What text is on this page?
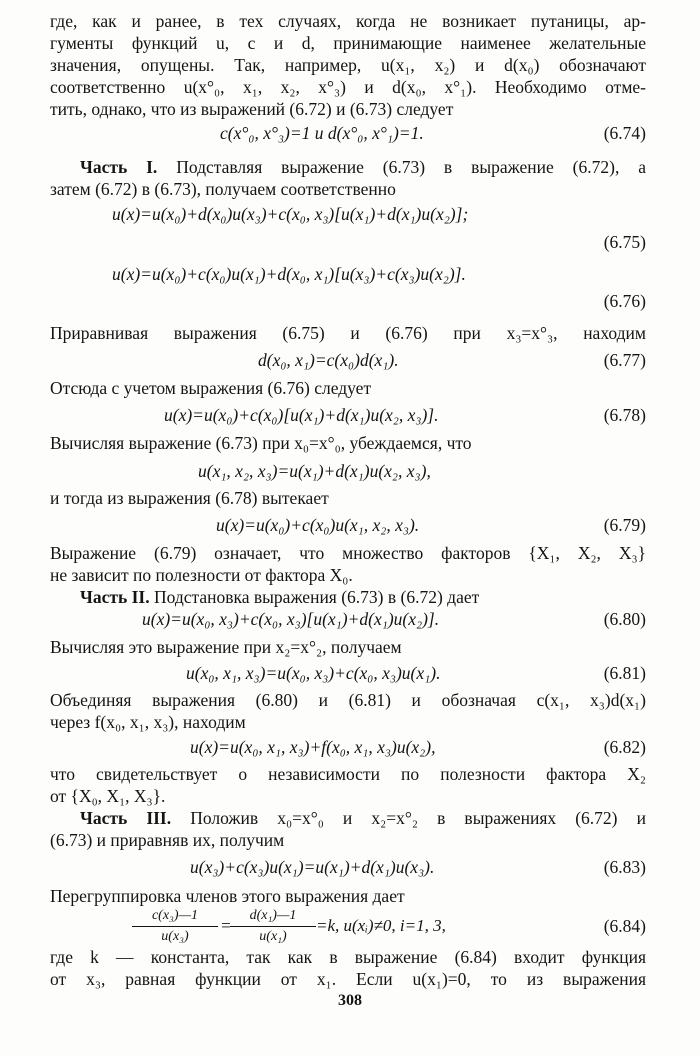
где, как и ранее, в тех случаях, когда не возникает путаницы, ар-
гументы функций u, c и d, принимающие наименее желательные
значения, опущены. Так, например, u(x₁, x₂) и d(x₀) обозначают
соответственно u(x°₀, x₁, x₂, x°₃) и d(x₀, x°₁). Необходимо отме-
тить, однако, что из выражений (6.72) и (6.73) следует
c(x°₀, x°₃)=1 и d(x°₀, x°₁)=1.	(6.74)
Часть I. Подставляя выражение (6.73) в выражение (6.72), а
затем (6.72) в (6.73), получаем соответственно
u(x)=u(x₀)+d(x₀)u(x₃)+c(x₀, x₃)[u(x₁)+d(x₁)u(x₂)];
(6.75)
u(x)=u(x₀)+c(x₀)u(x₁)+d(x₀, x₁)[u(x₃)+c(x₃)u(x₂)].
(6.76)
Приравнивая выражения (6.75) и (6.76) при x₃=x°₃, находим
d(x₀, x₁)=c(x₀)d(x₁).	(6.77)
Отсюда с учетом выражения (6.76) следует
u(x)=u(x₀)+c(x₀)[u(x₁)+d(x₁)u(x₂, x₃)].	(6.78)
Вычисляя выражение (6.73) при x₀=x°₀, убеждаемся, что
u(x₁, x₂, x₃)=u(x₁)+d(x₁)u(x₂, x₃),
и тогда из выражения (6.78) вытекает
u(x)=u(x₀)+c(x₀)u(x₁, x₂, x₃).	(6.79)
Выражение (6.79) означает, что множество факторов {X₁, X₂, X₃}
не зависит по полезности от фактора X₀.
Часть II. Подстановка выражения (6.73) в (6.72) дает
u(x)=u(x₀, x₃)+c(x₀, x₃)[u(x₁)+d(x₁)u(x₂)].	(6.80)
Вычисляя это выражение при x₂=x°₂, получаем
u(x₀, x₁, x₃)=u(x₀, x₃)+c(x₀, x₃)u(x₁).	(6.81)
Объединяя выражения (6.80) и (6.81) и обозначая c(x₁, x₃)d(x₁)
через f(x₀, x₁, x₃), находим
u(x)=u(x₀, x₁, x₃)+f(x₀, x₁, x₃)u(x₂),	(6.82)
что свидетельствует о независимости по полезности фактора X₂
от {X₀, X₁, X₃}.
Часть III. Положив x₀=x°₀ и x₂=x°₂ в выражениях (6.72) и
(6.73) и приравняв их, получим
u(x₃)+c(x₃)u(x₁)=u(x₁)+d(x₁)u(x₃).	(6.83)
Перегруппировка членов этого выражения дает
$\frac{\text{c(x₃)—1}}{\text{u(x₃)}}$ =
$\frac{\text{d(x₁)—1}}{\text{u(x₁)}} =k$, u(xᵢ)≠0, i=1, 3,	(6.84)
где k — константа, так как в выражение (6.84) входит функция
от x₃, равная функции от x₁. Если u(x₁)=0, то из выражения
308
